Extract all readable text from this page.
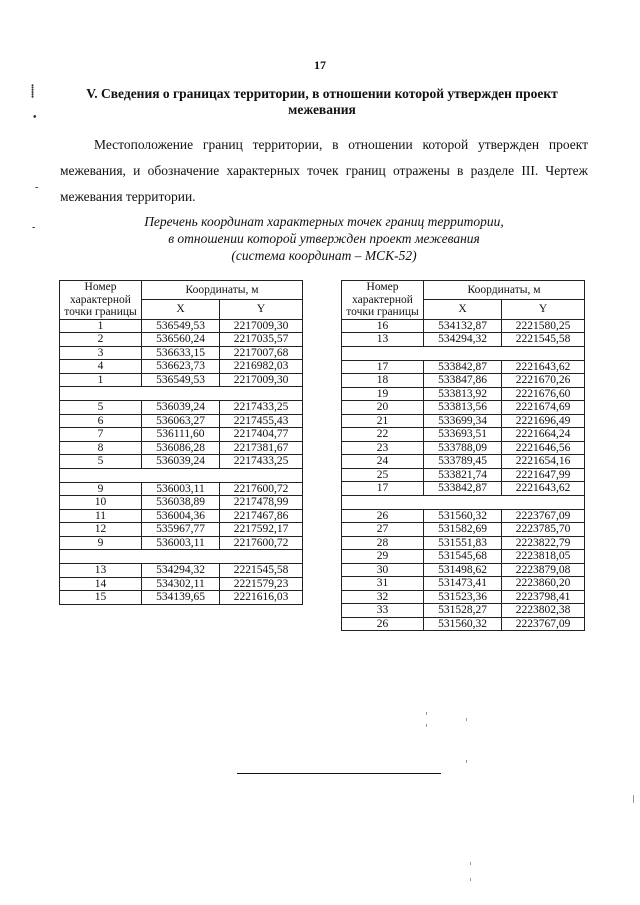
17
V. Сведения о границах территории, в отношении которой утвержден проект межевания
Местоположение границ территории, в отношении которой утвержден проект межевания, и обозначение характерных точек границ отражены в разделе III. Чертеж межевания территории.
Перечень координат характерных точек границ территории,
в отношении которой утвержден проект межевания
(система координат – МСК-52)
Номер характерной точки границы	Координаты, м	
	X	Y
1	536549,53	2217009,30
2	536560,24	2217035,57
3	536633,15	2217007,68
4	536623,73	2216982,03
1	536549,53	2217009,30

5	536039,24	2217433,25
6	536063,27	2217455,43
7	536111,60	2217404,77
8	536086,28	2217381,67
5	536039,24	2217433,25

9	536003,11	2217600,72
10	536038,89	2217478,99
11	536004,36	2217467,86
12	535967,77	2217592,17
9	536003,11	2217600,72

13	534294,32	2221545,58
14	534302,11	2221579,23
15	534139,65	2221616,03
Номер характерной точки границы	Координаты, м	
	X	Y
16	534132,87	2221580,25
13	534294,32	2221545,58

17	533842,87	2221643,62
18	533847,86	2221670,26
19	533813,92	2221676,60
20	533813,56	2221674,69
21	533699,34	2221696,49
22	533693,51	2221664,24
23	533788,09	2221646,56
24	533789,45	2221654,16
25	533821,74	2221647,99
17	533842,87	2221643,62

26	531560,32	2223767,09
27	531582,69	2223785,70
28	531551,83	2223822,79
29	531545,68	2223818,05
30	531498,62	2223879,08
31	531473,41	2223860,20
32	531523,36	2223798,41
33	531528,27	2223802,38
26	531560,32	2223767,09
⸽
•
-
-
